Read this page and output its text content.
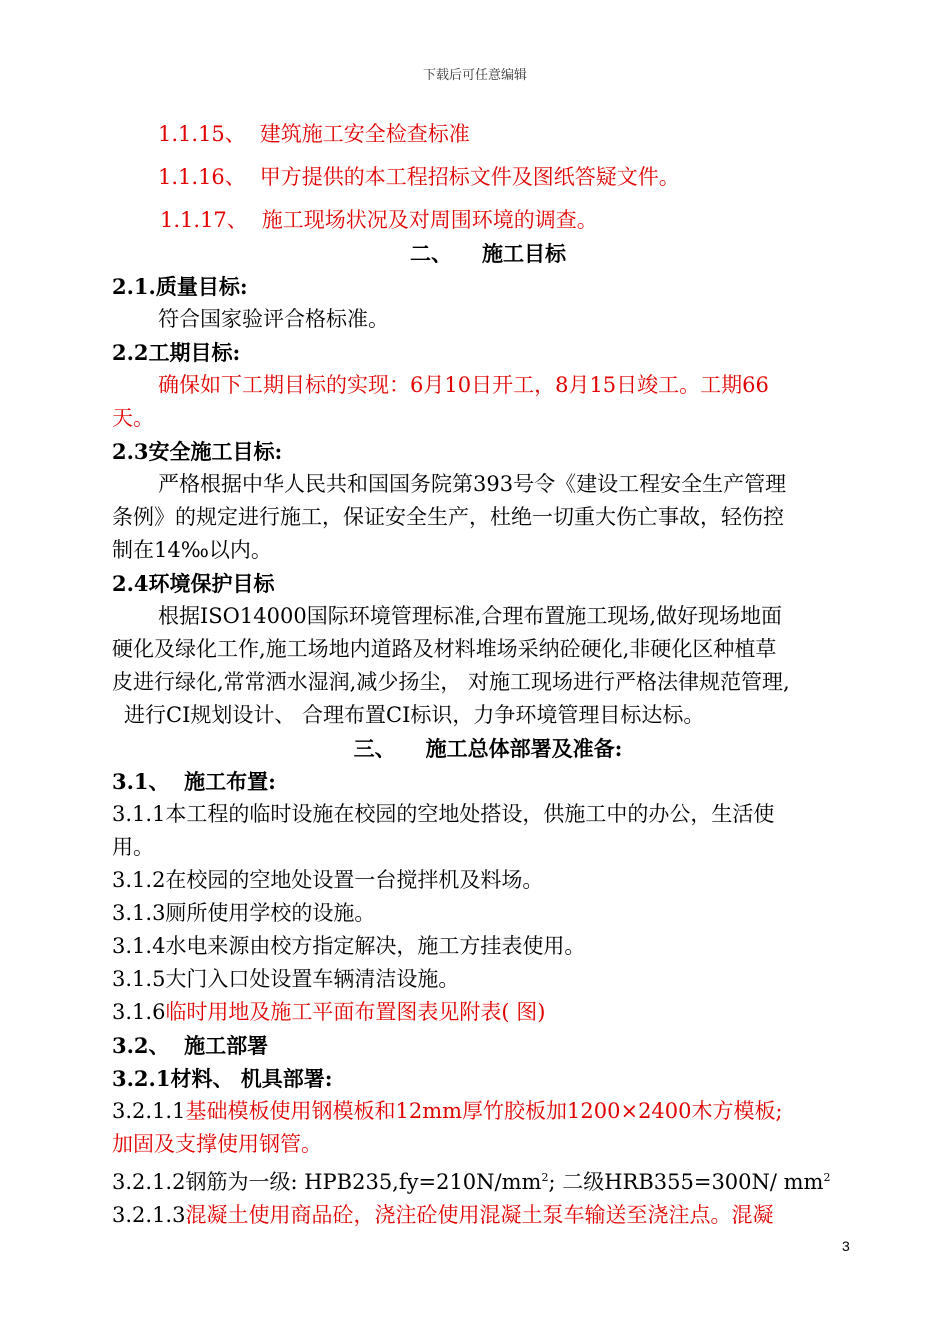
下载后可任意编辑
1.1.15、 建筑施工安全检查标准
1.1.16、 甲方提供的本工程招标文件及图纸答疑文件。
1.1.17、 施工现场状况及对周围环境的调查。
二、 施工目标
2.1.质量目标:
符合国家验评合格标准。
2.2工期目标:
确保如下工期目标的实现：6月10日开工，8月15日竣工。工期66
天。
2.3安全施工目标:
严格根据中华人民共和国国务院第393号令《建设工程安全生产管理
条例》的规定进行施工，保证安全生产，杜绝一切重大伤亡事故，轻伤控
制在14‰以内。
2.4环境保护目标
根据ISO14000国际环境管理标准,合理布置施工现场,做好现场地面
硬化及绿化工作,施工场地内道路及材料堆场采纳砼硬化,非硬化区种植草
皮进行绿化,常常洒水湿润,减少扬尘， 对施工现场进行严格法律规范管理,
进行CI规划设计、 合理布置CI标识，力争环境管理目标达标。
三、 施工总体部署及准备:
3.1、  施工布置:
3.1.1本工程的临时设施在校园的空地处搭设，供施工中的办公，生活使
用。
3.1.2在校园的空地处设置一台搅拌机及料场。
3.1.3厕所使用学校的设施。
3.1.4水电来源由校方指定解决，施工方挂表使用。
3.1.5大门入口处设置车辆清洁设施。
3.1.6临时用地及施工平面布置图表见附表( 图)
3.2、  施工部署
3.2.1材料、 机具部署:
3.2.1.1基础模板使用钢模板和12mm厚竹胶板加1200×2400木方模板;
加固及支撑使用钢管。
3.2.1.2钢筋为一级: $HPB235,fy=210N/mm^2$; 二级HRB355=300N/ $mm^2$
3.2.1.3混凝土使用商品砼，浇注砼使用混凝土泵车输送至浇注点。混凝
3
